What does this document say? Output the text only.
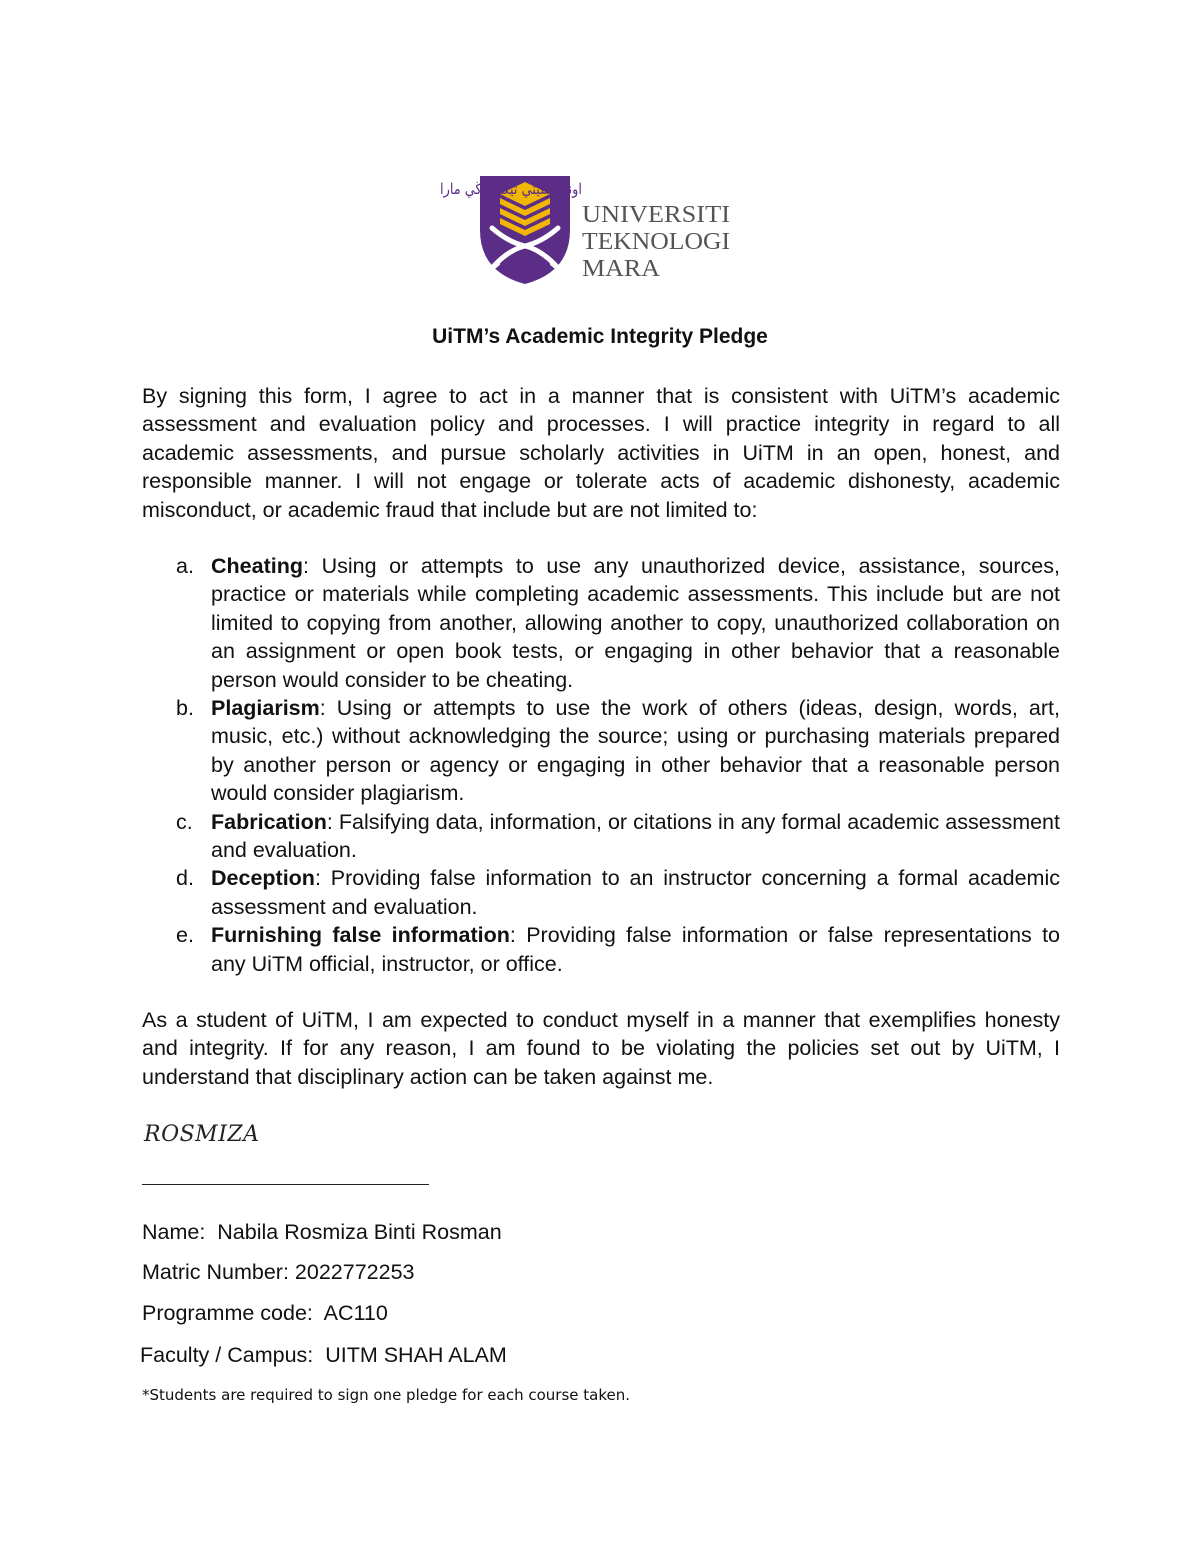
اونيۏرسيتي تيكنولوڬي مارا
UNIVERSITI
TEKNOLOGI
MARA
UiTM’s Academic Integrity Pledge

By signing this form, I agree to act in a manner that is consistent with UiTM’s academic assessment and evaluation policy and processes. I will practice integrity in regard to all academic assessments, and pursue scholarly activities in UiTM in an open, honest, and responsible manner. I will not engage or tolerate acts of academic dishonesty, academic misconduct, or academic fraud that include but are not limited to:

a. Cheating: Using or attempts to use any unauthorized device, assistance, sources, practice or materials while completing academic assessments. This include but are not limited to copying from another, allowing another to copy, unauthorized collaboration on an assignment or open book tests, or engaging in other behavior that a reasonable person would consider to be cheating.
b. Plagiarism: Using or attempts to use the work of others (ideas, design, words, art, music, etc.) without acknowledging the source; using or purchasing materials prepared by another person or agency or engaging in other behavior that a reasonable person would consider plagiarism.
c. Fabrication: Falsifying data, information, or citations in any formal academic assessment and evaluation.
d. Deception: Providing false information to an instructor concerning a formal academic assessment and evaluation.
e. Furnishing false information: Providing false information or false representations to any UiTM official, instructor, or office.

As a student of UiTM, I am expected to conduct myself in a manner that exemplifies honesty and integrity. If for any reason, I am found to be violating the policies set out by UiTM, I understand that disciplinary action can be taken against me.

ROSMIZA
Name:  Nabila Rosmiza Binti Rosman
Matric Number: 2022772253
Programme code:  AC110
Faculty / Campus:  UITM SHAH ALAM
*Students are required to sign one pledge for each course taken.
